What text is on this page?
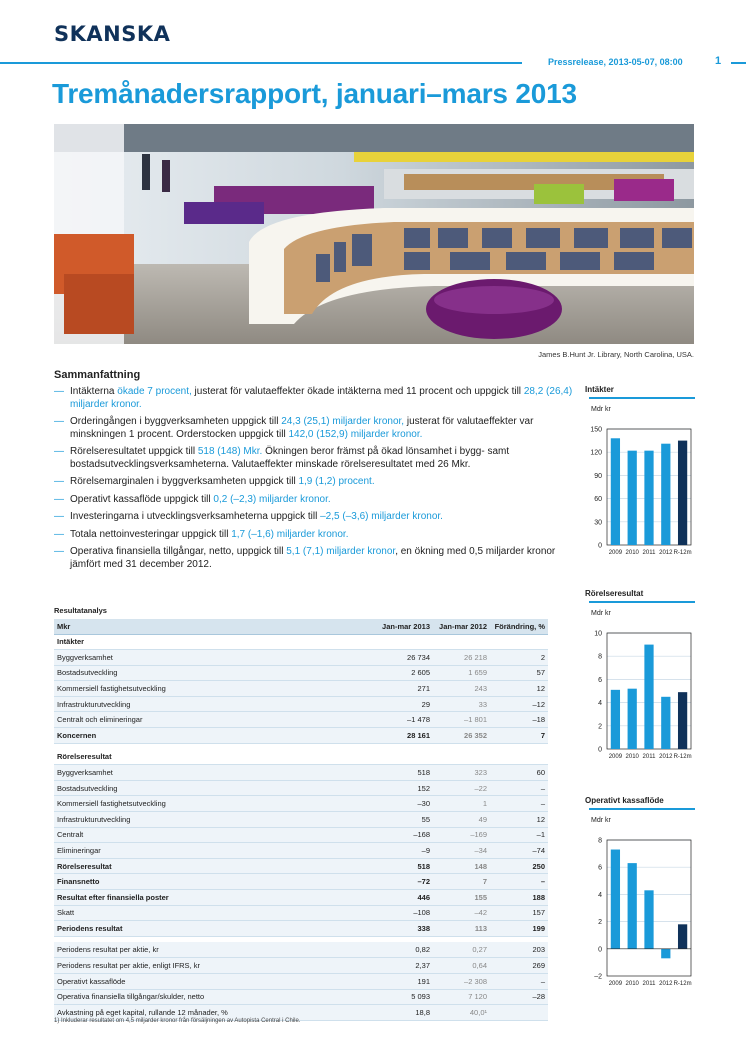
SKANSKA
Pressrelease, 2013-05-07, 08:00	1
Tremånadersrapport, januari–mars 2013
James B.Hunt Jr. Library, North Carolina, USA.
Sammanfattning
— Intäkterna ökade 7 procent, justerat för valutaeffekter ökade intäkterna med 11 procent och uppgick till 28,2 (26,4) miljarder kronor.
— Orderingången i byggverksamheten uppgick till 24,3 (25,1) miljarder kronor, justerat för valutaeffekter var minskningen 1 procent. Orderstocken uppgick till 142,0 (152,9) miljarder kronor.
— Rörelseresultatet uppgick till 518 (148) Mkr. Ökningen beror främst på ökad lönsamhet i bygg- samt bostadsutvecklingsverksamheterna. Valutaeffekter minskade rörelseresultatet med 26 Mkr.
— Rörelsemarginalen i byggverksamheten uppgick till 1,9 (1,2) procent.
— Operativt kassaflöde uppgick till 0,2 (–2,3) miljarder kronor.
— Investeringarna i utvecklingsverksamheterna uppgick till –2,5 (–3,6) miljarder kronor.
— Totala nettoinvesteringar uppgick till 1,7 (–1,6) miljarder kronor.
— Operativa finansiella tillgångar, netto, uppgick till 5,1 (7,1) miljarder kronor, en ökning med 0,5 miljarder kronor jämfört med 31 december 2012.
Resultatanalys
Mkr	Jan-mar 2013	Jan-mar 2012	Förändring, %
Intäkter			
Byggverksamhet	26 734	26 218	2
Bostadsutveckling	2 605	1 659	57
Kommersiell fastighetsutveckling	271	243	12
Infrastrukturutveckling	29	33	–12
Centralt och elimineringar	–1 478	–1 801	–18
Koncernen	28 161	26 352	7

Rörelseresultat			
Byggverksamhet	518	323	60
Bostadsutveckling	152	–22	–
Kommersiell fastighetsutveckling	–30	1	–
Infrastrukturutveckling	55	49	12
Centralt	–168	–169	–1
Elimineringar	–9	–34	–74
Rörelseresultat	518	148	250
Finansnetto	–72	7	–
Resultat efter finansiella poster	446	155	188
Skatt	–108	–42	157
Periodens resultat	338	113	199

Periodens resultat per aktie, kr	0,82	0,27	203
Periodens resultat per aktie, enligt IFRS, kr	2,37	0,64	269
Operativt kassaflöde	191	–2 308	–
Operativa finansiella tillgångar/skulder, netto	5 093	7 120	–28
Avkastning på eget kapital, rullande 12 månader, %	18,8	40,0¹	
1) Inkluderar resultatet om 4,5 miljarder kronor från försäljningen av Autopista Central i Chile.
Intäkter
Mdr kr
0
30
60
90
120
150
2009 2010 2011 2012 R-12m
Rörelseresultat
Mdr kr
0
2
4
6
8
10
2009 2010 2011 2012 R-12m
Operativt kassaflöde
Mdr kr
–2
0
2
4
6
8
2009 2010 2011 2012 R-12m
